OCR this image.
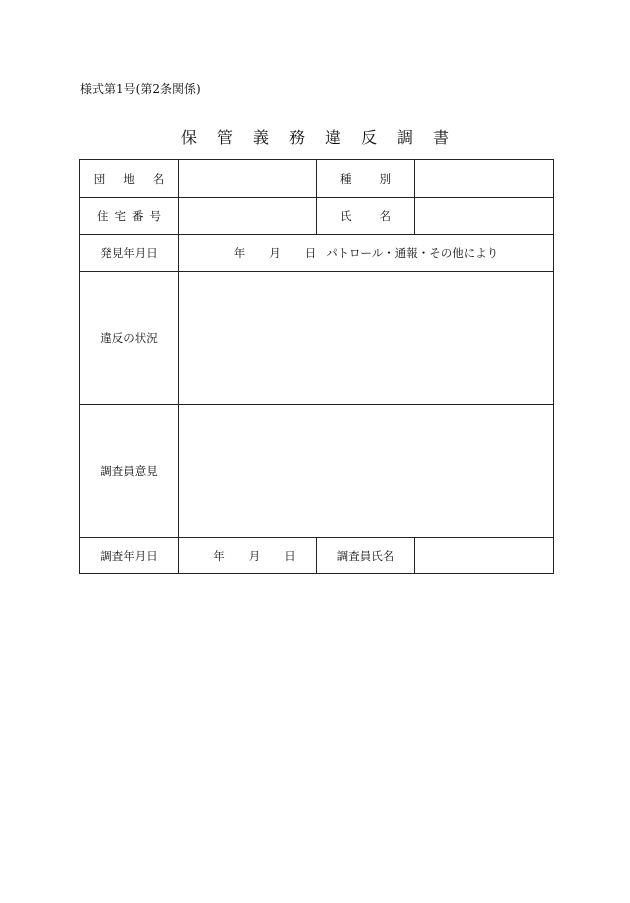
様式第1号(第2条関係)
保 管 義 務 違 反 調 書
団 地 名		種 別	
住 宅 番 号		氏 名	
発見年月日	年 月 日 パトロール・通報・その他により		
違反の状況			
調査員意見			
調査年月日	年 月 日	調査員氏名	
